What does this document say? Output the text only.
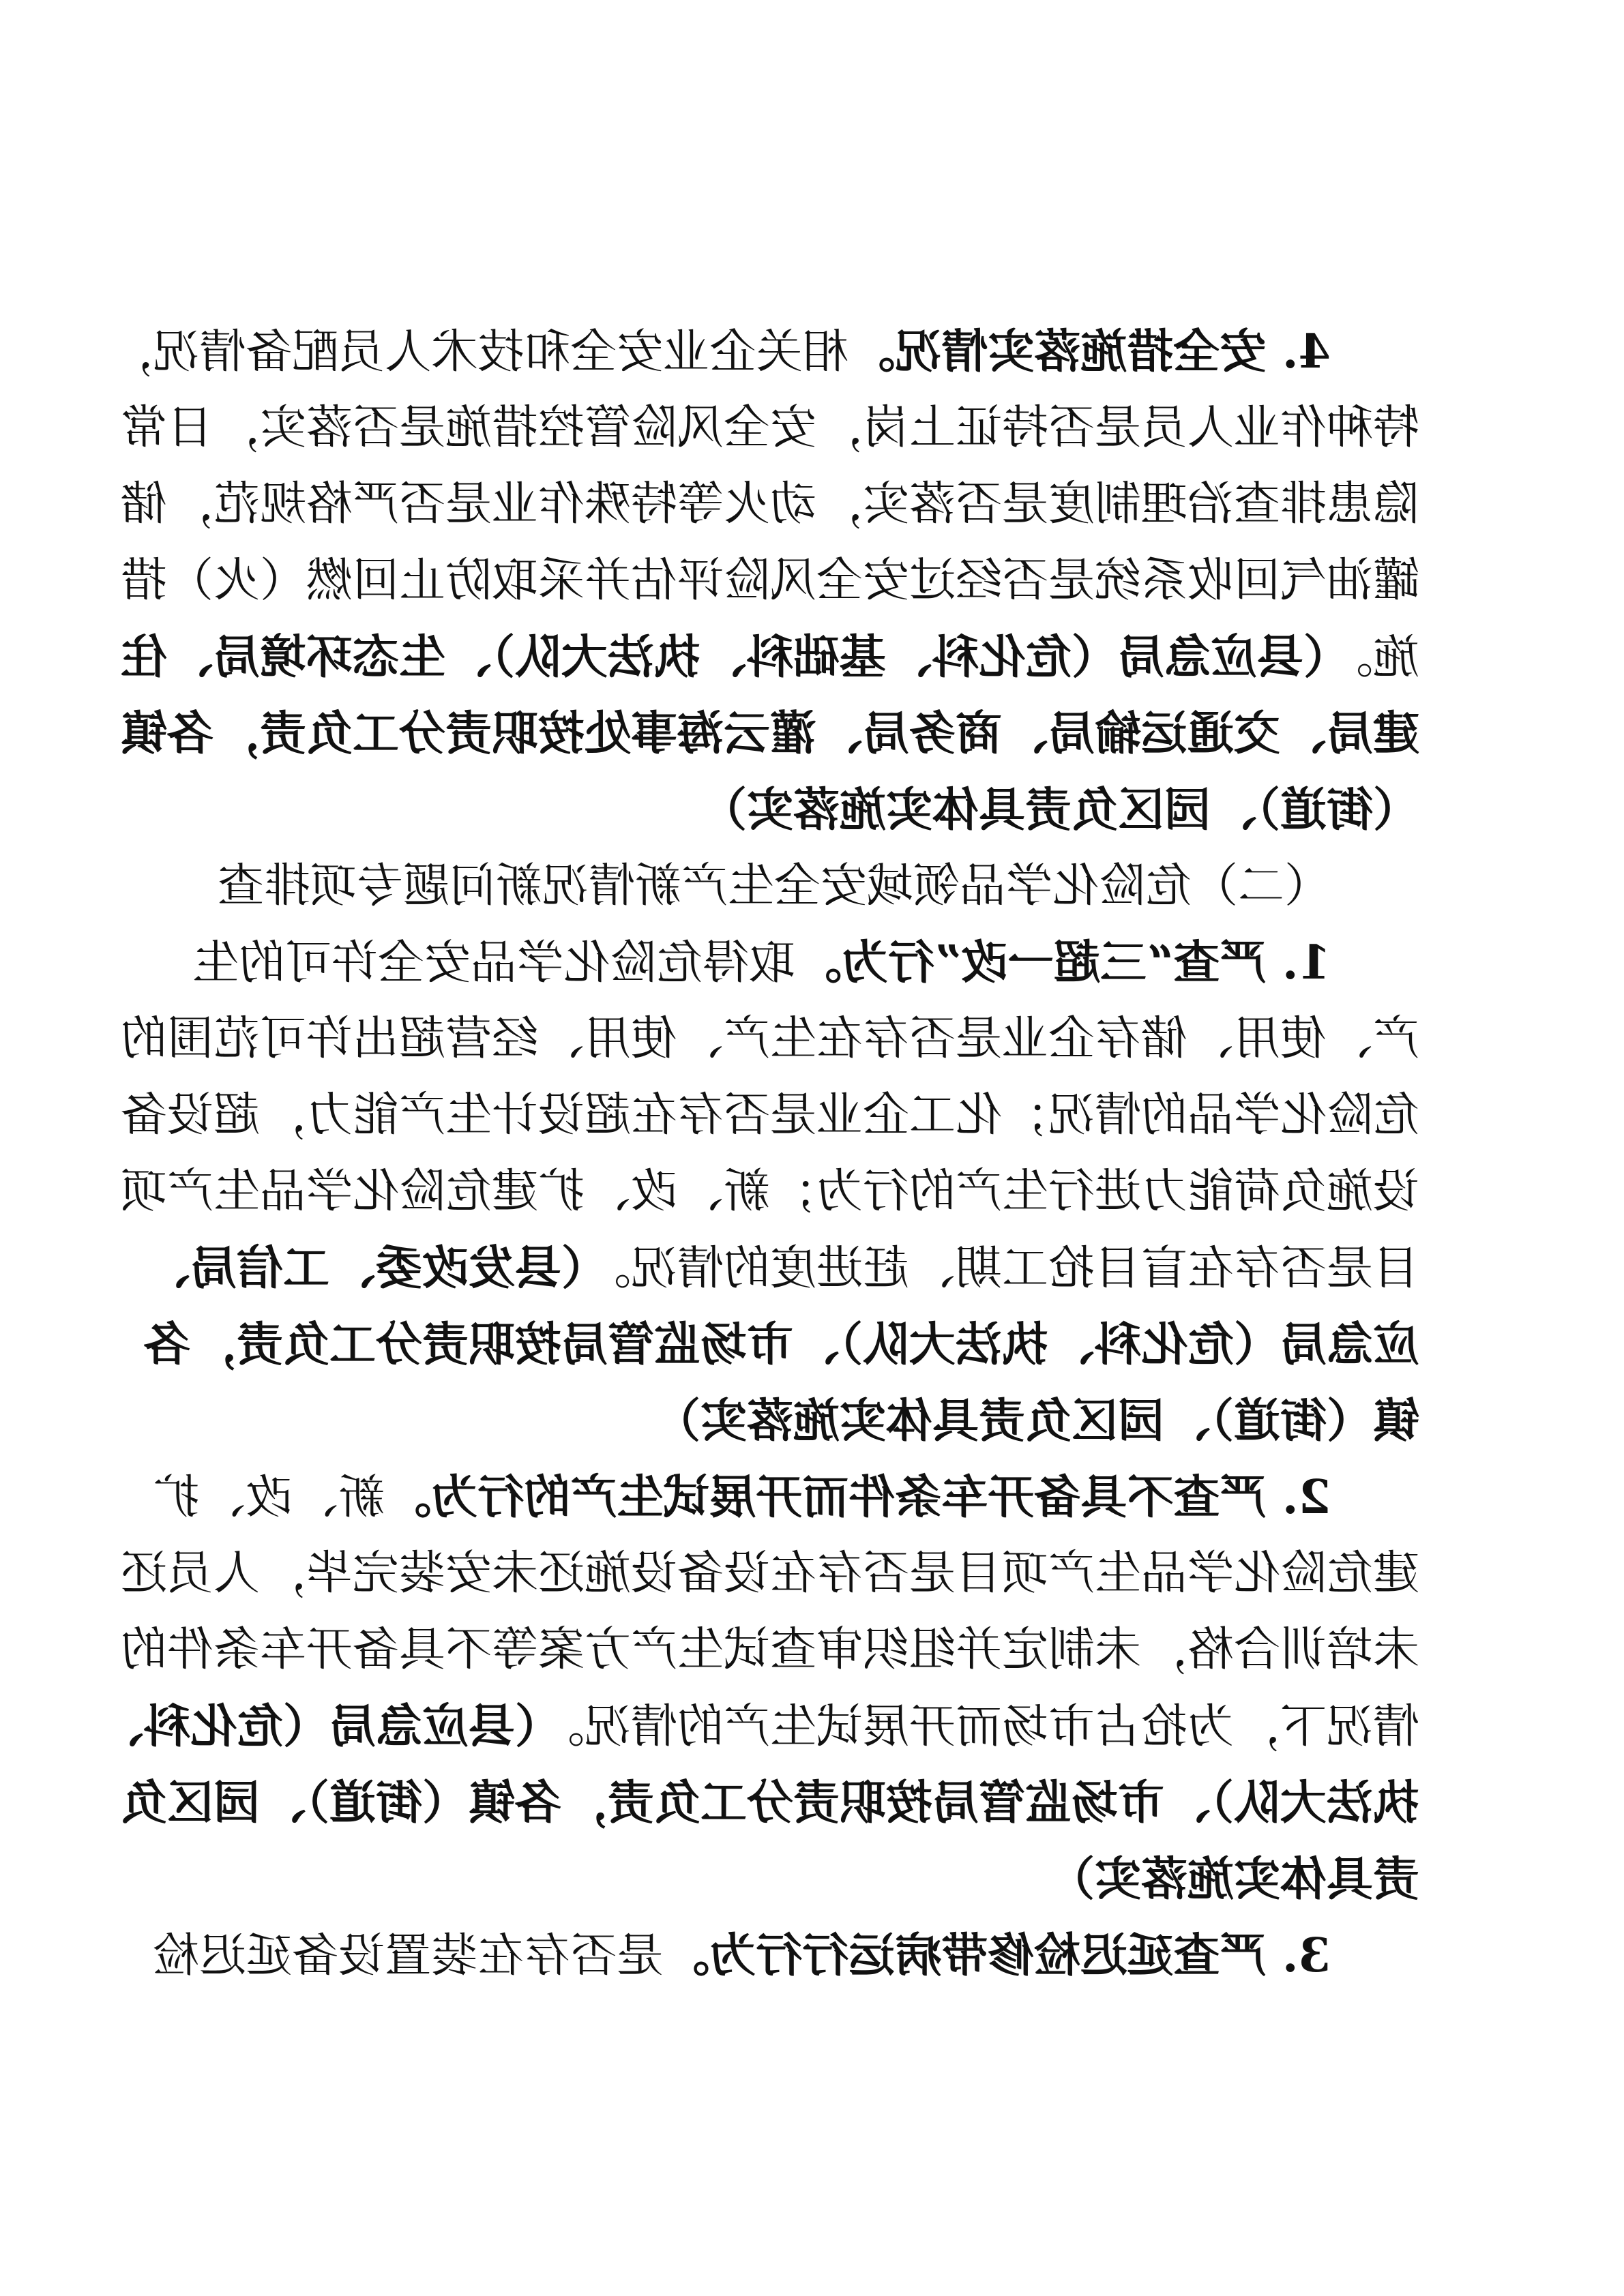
4. 安全措施落实情况。相关企业安全和技术人员配备情况，
特种作业人员是否持证上岗，安全风险管控措施是否落实，日常
隐患排查治理制度是否落实，动火等特殊作业是否严格规范，储
罐油气回收系统是否经过安全风险评估并采取防止回燃（火）措
施。（县应急局（危化科、基础科、执法大队）、生态环境局、住
建局、交通运输局、商务局、灌云海事处按职责分工负责，各镇
（街道）、园区负责具体实施落实）
（二）危险化学品领域安全生产新情况新问题专项排查
1. 严查“三超一改”行为。取得危险化学品安全许可的生
产、使用、储存企业是否存在生产、使用、经营超出许可范围的
危险化学品的情况；化工企业是否存在超设计生产能力，超设备
设施负荷能力进行生产的行为；新、改、扩建危险化学品生产项
目是否存在盲目抢工期、赶进度的情况。（县发改委、工信局、
应急局（危化科、执法大队）、市场监管局按职责分工负责，各
镇（街道）、园区负责具体实施落实）
2. 严查不具备开车条件而开展试生产的行为。新、改、扩
建危险化学品生产项目是否存在设备设施还未安装完毕，人员还
未培训合格，未制定并组织审查试生产方案等不具备开车条件的
情况下，为抢占市场而开展试生产的情况。（县应急局（危化科、
执法大队）、市场监管局按职责分工负责，各镇（街道）、园区负
责具体实施落实）
3. 严查延迟检修带病运行行为。是否存在装置设备延迟检
